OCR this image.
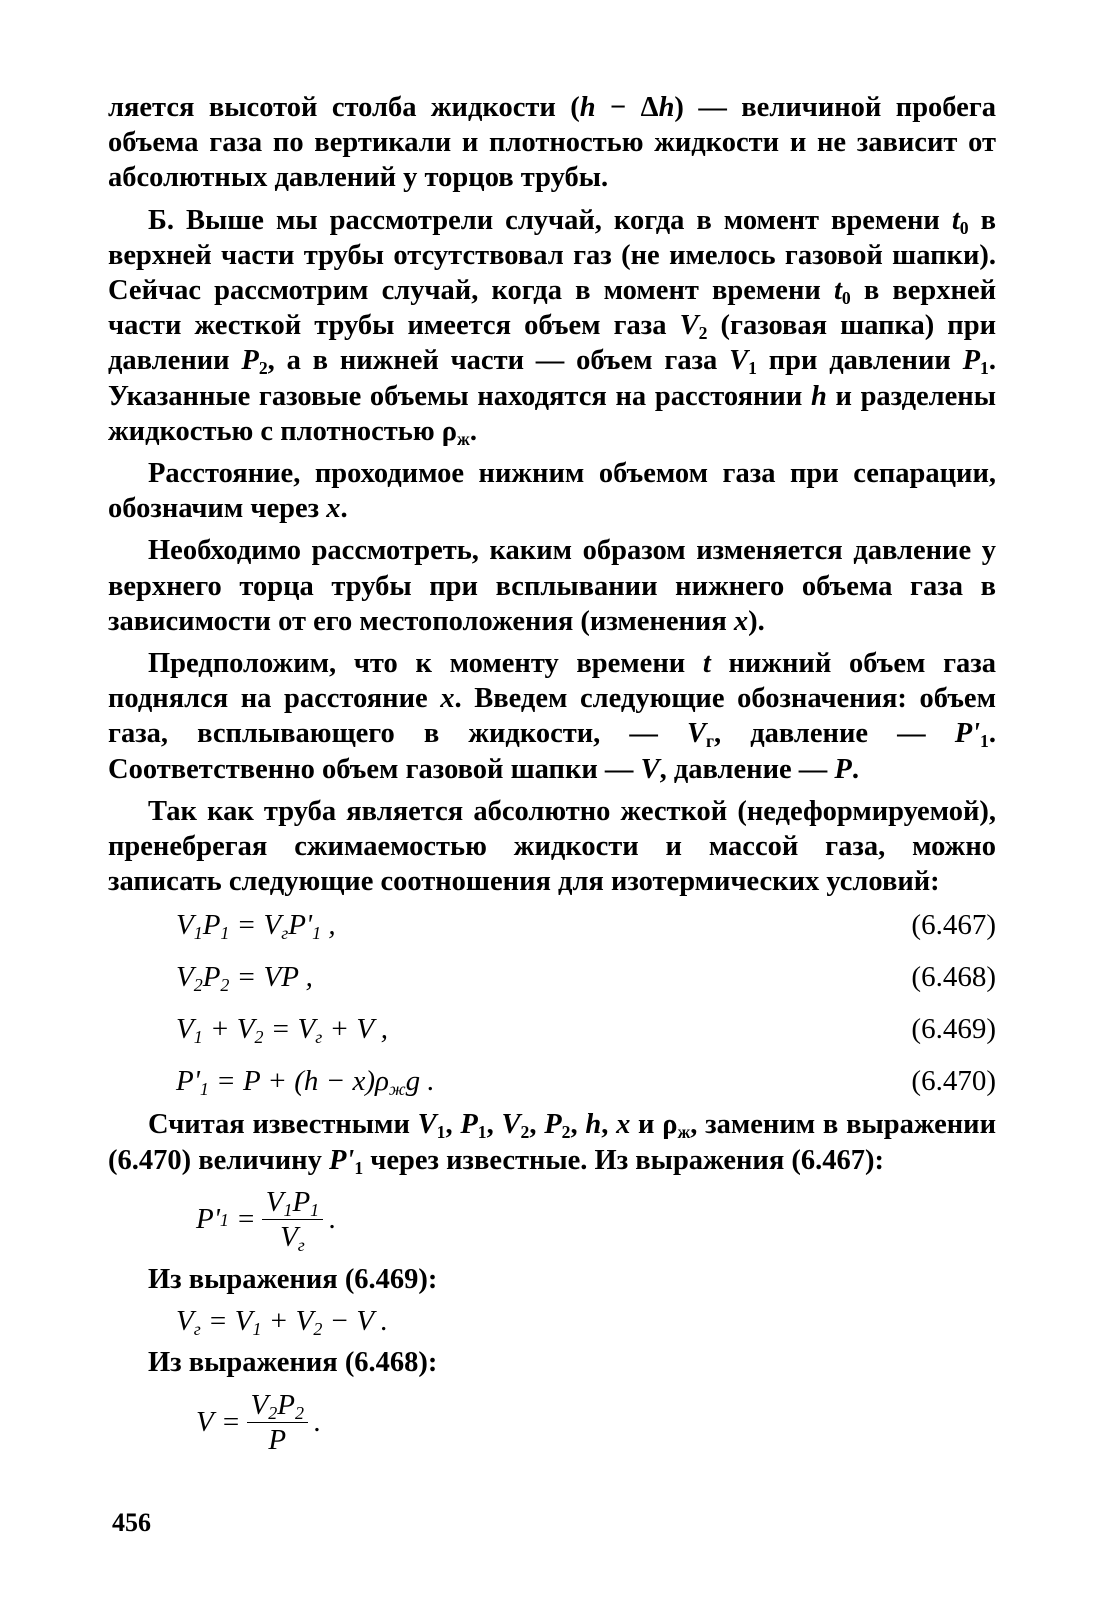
ляется высотой столба жидкости (h − Δh) — величиной пробега объема газа по вертикали и плотностью жидкости и не зависит от абсолютных давлений у торцов трубы.

Б. Выше мы рассмотрели случай, когда в момент времени $t_0$ в верхней части трубы отсутствовал газ (не имелось газовой шапки). Сейчас рассмотрим случай, когда в момент времени $t_0$ в верхней части жесткой трубы имеется объем газа $V_2$ (газовая шапка) при давлении $P_2$, а в нижней части — объем газа $V_1$ при давлении $P_1$. Указанные газовые объемы находятся на расстоянии h и разделены жидкостью с плотностью $\rho_ж$.

Расстояние, проходимое нижним объемом газа при сепарации, обозначим через x.

Необходимо рассмотреть, каким образом изменяется давление у верхнего торца трубы при всплывании нижнего объема газа в зависимости от его местоположения (изменения x).

Предположим, что к моменту времени t нижний объем газа поднялся на расстояние x. Введем следующие обозначения: объем газа, всплывающего в жидкости, — $V_г$, давление — $P'_1$. Соответственно объем газовой шапки — V, давление — P.

Так как труба является абсолютно жесткой (недеформируемой), пренебрегая сжимаемостью жидкости и массой газа, можно записать следующие соотношения для изотермических условий:

$V_1P_1 = V_гP'_1$ ,	(6.467)
$V_2P_2$ = VP ,	(6.468)
$V_1 + V_2 = V_г + V$ ,	(6.469)
$P'_1 = P + (h - x)\rho_жg$ .	(6.470)

Считая известными $V_1$, $P_1$, $V_2$, $P_2$, h, x и $\rho_ж$, заменим в выражении (6.470) величину $P'_1$ через известные. Из выражения (6.467):

P' $1 = \frac{V_1P_1}{V_г}$ .

Из выражения (6.469):

$V_г = V_1 + V_2 - V$ .

Из выражения (6.468):

$V = \frac{V_2P_2}{P}$ .
456
